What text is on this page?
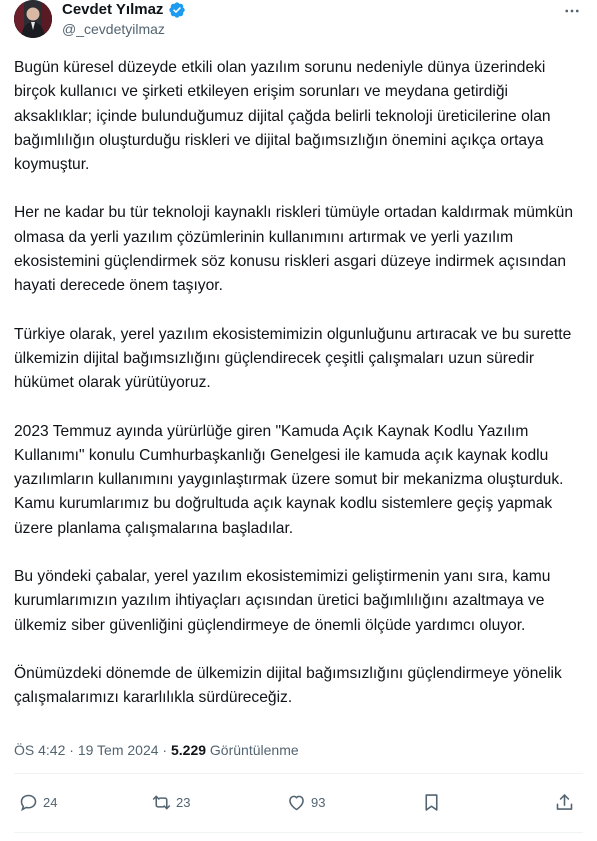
Cevdet Yılmaz
@_cevdetyilmaz

Bugün küresel düzeyde etkili olan yazılım sorunu nedeniyle dünya üzerindeki birçok kullanıcı ve şirketi etkileyen erişim sorunları ve meydana getirdiği aksaklıklar; içinde bulunduğumuz dijital çağda belirli teknoloji üreticilerine olan bağımlılığın oluşturduğu riskleri ve dijital bağımsızlığın önemini açıkça ortaya koymuştur.

Her ne kadar bu tür teknoloji kaynaklı riskleri tümüyle ortadan kaldırmak mümkün olmasa da yerli yazılım çözümlerinin kullanımını artırmak ve yerli yazılım ekosistemini güçlendirmek söz konusu riskleri asgari düzeye indirmek açısından hayati derecede önem taşıyor.

Türkiye olarak, yerel yazılım ekosistemimizin olgunluğunu artıracak ve bu surette ülkemizin dijital bağımsızlığını güçlendirecek çeşitli çalışmaları uzun süredir hükümet olarak yürütüyoruz.

2023 Temmuz ayında yürürlüğe giren "Kamuda Açık Kaynak Kodlu Yazılım Kullanımı" konulu Cumhurbaşkanlığı Genelgesi ile kamuda açık kaynak kodlu yazılımların kullanımını yaygınlaştırmak üzere somut bir mekanizma oluşturduk. Kamu kurumlarımız bu doğrultuda açık kaynak kodlu sistemlere geçiş yapmak üzere planlama çalışmalarına başladılar.

Bu yöndeki çabalar, yerel yazılım ekosistemimizi geliştirmenin yanı sıra, kamu kurumlarımızın yazılım ihtiyaçları açısından üretici bağımlılığını azaltmaya ve ülkemiz siber güvenliğini güçlendirmeye de önemli ölçüde yardımcı oluyor.

Önümüzdeki dönemde de ülkemizin dijital bağımsızlığını güçlendirmeye yönelik çalışmalarımızı kararlılıkla sürdüreceğiz.

ÖS 4:42 · 19 Tem 2024 · 5.229 Görüntülenme
24	23	93
